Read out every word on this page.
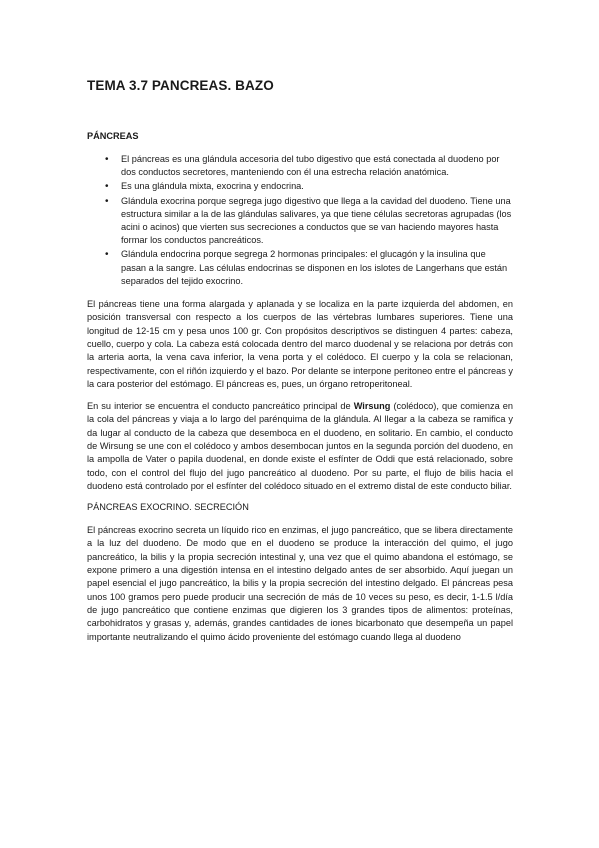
TEMA 3.7 PANCREAS. BAZO
PÁNCREAS
• El páncreas es una glándula accesoria del tubo digestivo que está conectada al duodeno por dos conductos secretores, manteniendo con él una estrecha relación anatómica.
• Es una glándula mixta, exocrina y endocrina.
• Glándula exocrina porque segrega jugo digestivo que llega a la cavidad del duodeno. Tiene una estructura similar a la de las glándulas salivares, ya que tiene células secretoras agrupadas (los acini o acinos) que vierten sus secreciones a conductos que se van haciendo mayores hasta formar los conductos pancreáticos.
• Glándula endocrina porque segrega 2 hormonas principales: el glucagón y la insulina que pasan a la sangre. Las células endocrinas se disponen en los islotes de Langerhans que están separados del tejido exocrino.

El páncreas tiene una forma alargada y aplanada y se localiza en la parte izquierda del abdomen, en posición transversal con respecto a los cuerpos de las vértebras lumbares superiores. Tiene una longitud de 12-15 cm y pesa unos 100 gr. Con propósitos descriptivos se distinguen 4 partes: cabeza, cuello, cuerpo y cola. La cabeza está colocada dentro del marco duodenal y se relaciona por detrás con la arteria aorta, la vena cava inferior, la vena porta y el colédoco. El cuerpo y la cola se relacionan, respectivamente, con el riñón izquierdo y el bazo. Por delante se interpone peritoneo entre el páncreas y la cara posterior del estómago. El páncreas es, pues, un órgano retroperitoneal.

En su interior se encuentra el conducto pancreático principal de Wirsung (colédoco), que comienza en la cola del páncreas y viaja a lo largo del parénquima de la glándula. Al llegar a la cabeza se ramifica y da lugar al conducto de la cabeza que desemboca en el duodeno, en solitario. En cambio, el conducto de Wirsung se une con el colédoco y ambos desembocan juntos en la segunda porción del duodeno, en la ampolla de Vater o papila duodenal, en donde existe el esfínter de Oddi que está relacionado, sobre todo, con el control del flujo del jugo pancreático al duodeno. Por su parte, el flujo de bilis hacia el duodeno está controlado por el esfínter del colédoco situado en el extremo distal de este conducto biliar.

PÁNCREAS EXOCRINO. SECRECIÓN

El páncreas exocrino secreta un líquido rico en enzimas, el jugo pancreático, que se libera directamente a la luz del duodeno. De modo que en el duodeno se produce la interacción del quimo, el jugo pancreático, la bilis y la propia secreción intestinal y, una vez que el quimo abandona el estómago, se expone primero a una digestión intensa en el intestino delgado antes de ser absorbido. Aquí juegan un papel esencial el jugo pancreático, la bilis y la propia secreción del intestino delgado. El páncreas pesa unos 100 gramos pero puede producir una secreción de más de 10 veces su peso, es decir, 1-1.5 l/día de jugo pancreático que contiene enzimas que digieren los 3 grandes tipos de alimentos: proteínas, carbohidratos y grasas y, además, grandes cantidades de iones bicarbonato que desempeña un papel importante neutralizando el quimo ácido proveniente del estómago cuando llega al duodeno
